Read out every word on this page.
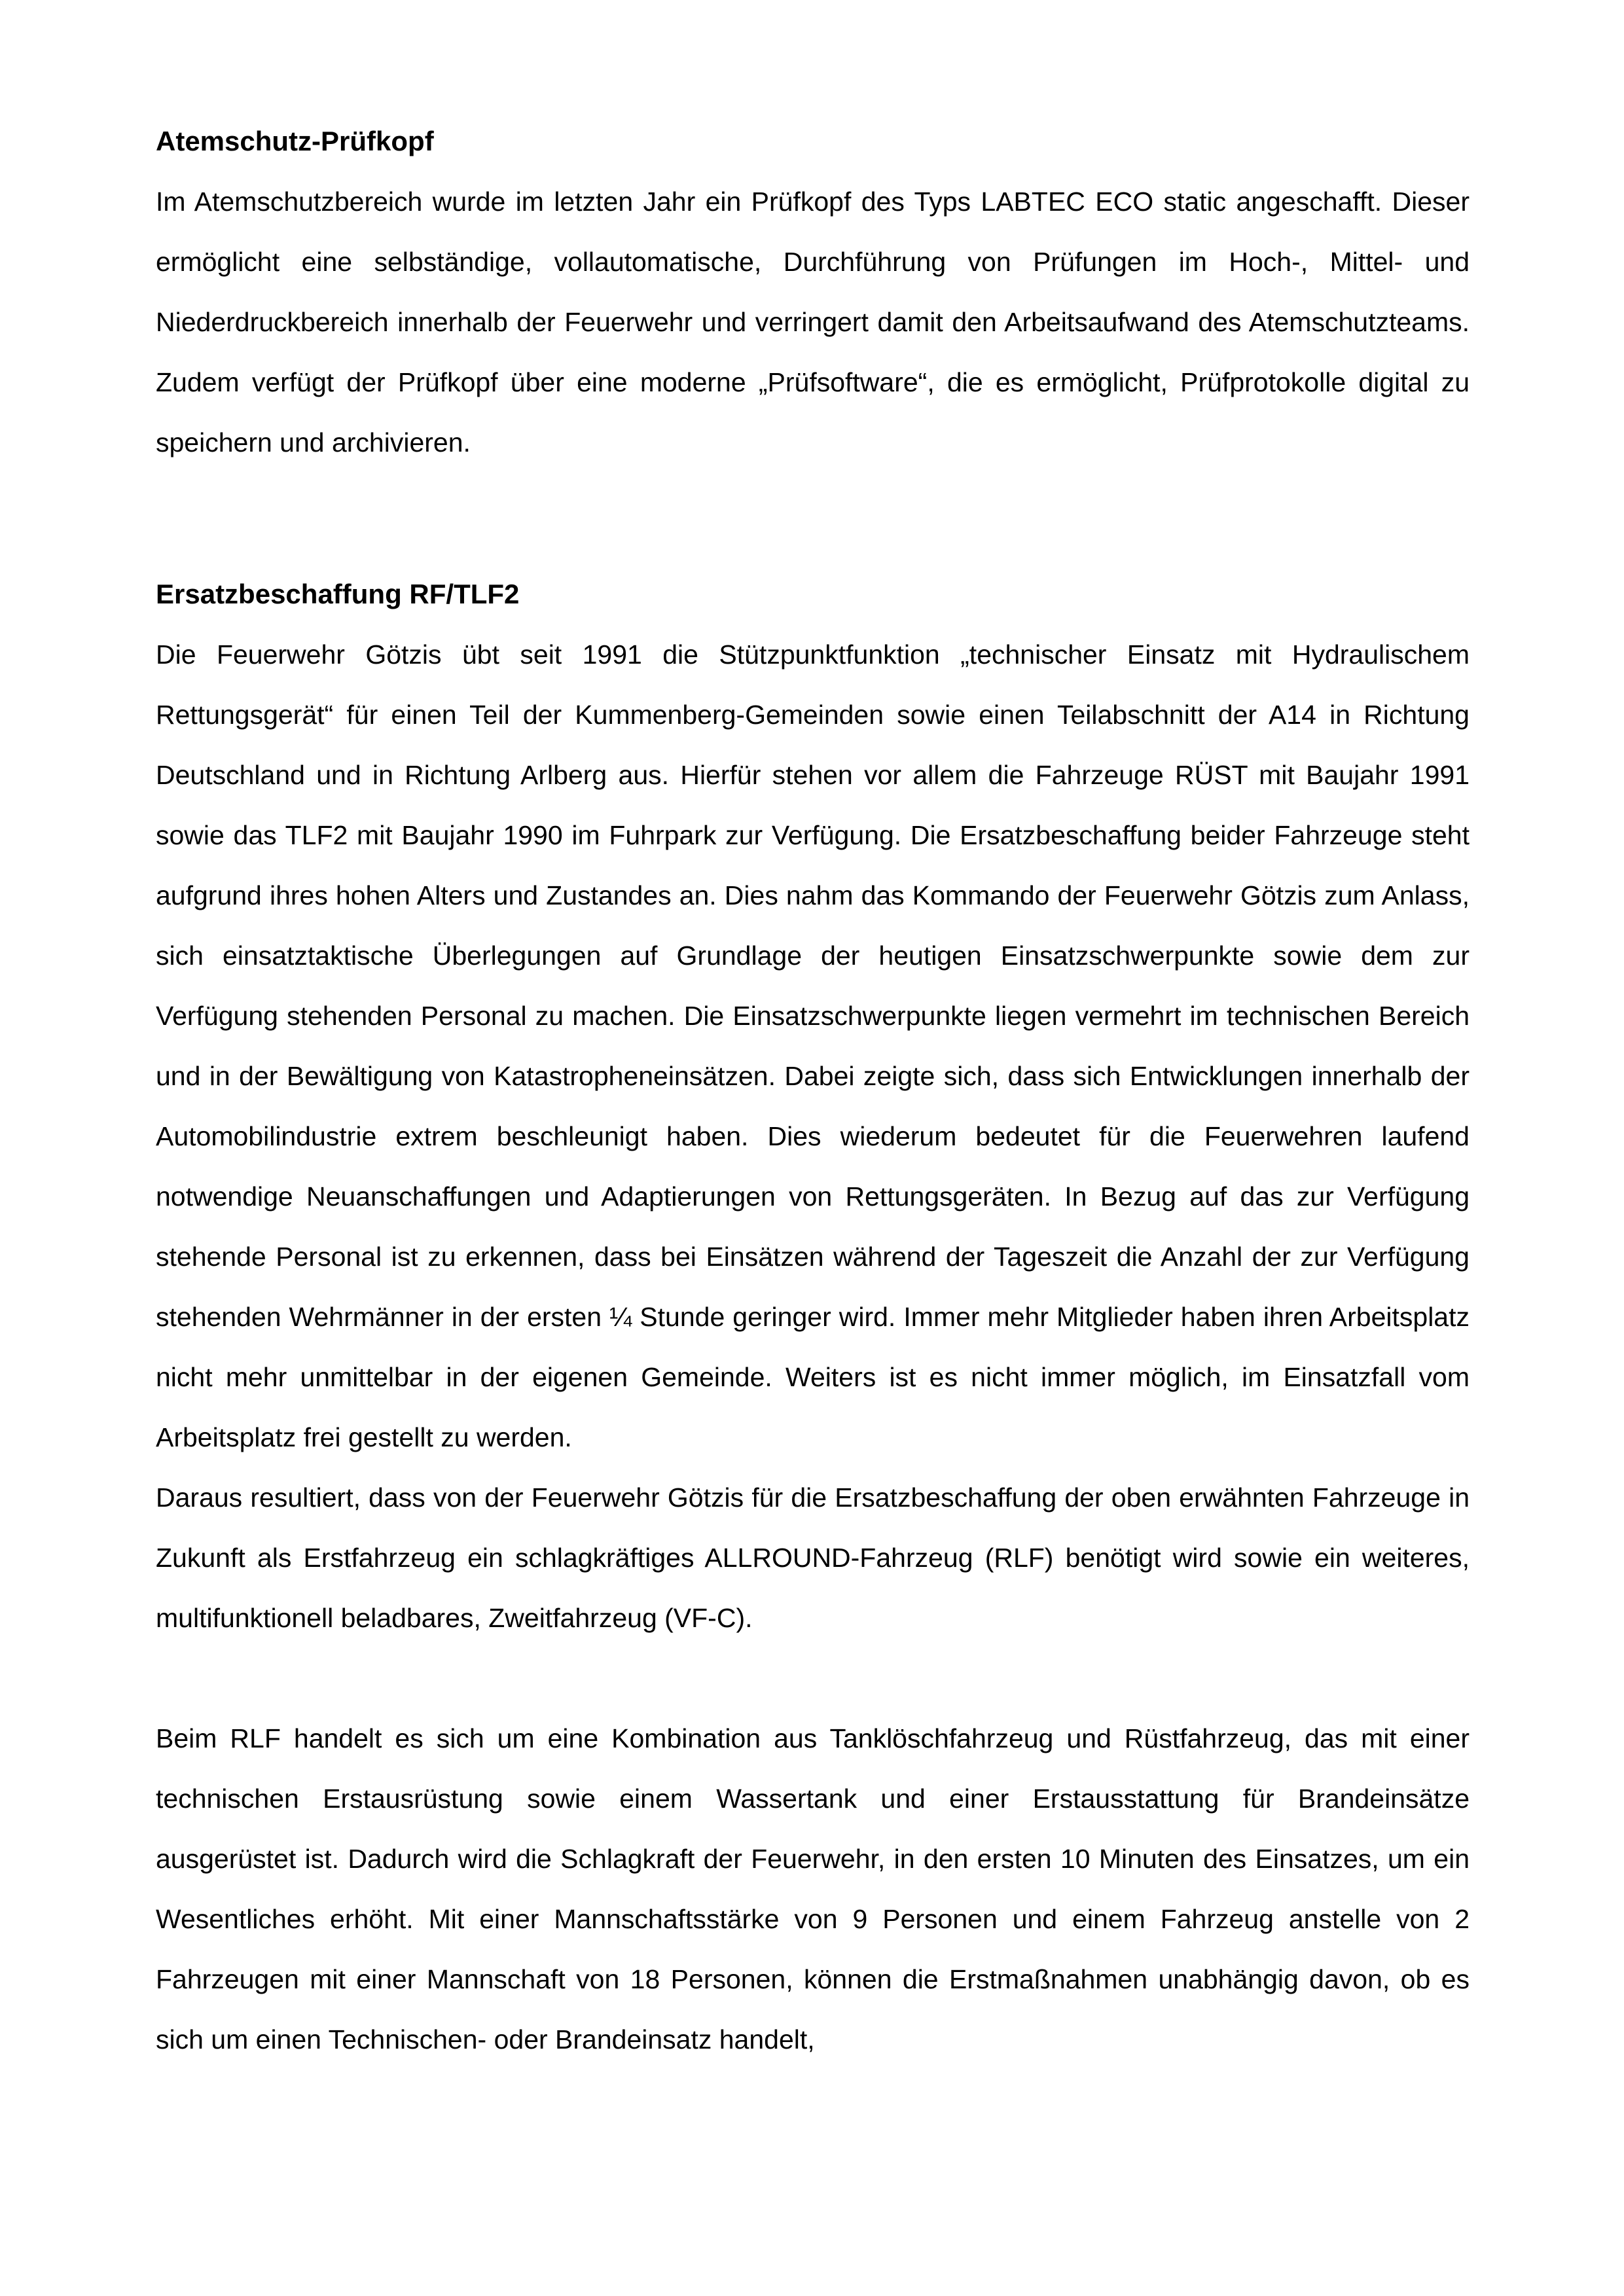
Atemschutz-Prüfkopf

Im Atemschutzbereich wurde im letzten Jahr ein Prüfkopf des Typs LABTEC ECO static angeschafft. Dieser ermöglicht eine selbständige, vollautomatische, Durchführung von Prüfungen im Hoch-, Mittel- und Niederdruckbereich innerhalb der Feuerwehr und verringert damit den Arbeitsaufwand des Atemschutzteams. Zudem verfügt der Prüfkopf über eine moderne „Prüfsoftware“, die es ermöglicht, Prüfprotokolle digital zu speichern und archivieren.

Ersatzbeschaffung RF/TLF2

Die Feuerwehr Götzis übt seit 1991 die Stützpunktfunktion „technischer Einsatz mit Hydraulischem Rettungsgerät“ für einen Teil der Kummenberg-Gemeinden sowie einen Teilabschnitt der A14 in Richtung Deutschland und in Richtung Arlberg aus. Hierfür stehen vor allem die Fahrzeuge RÜST mit Baujahr 1991 sowie das TLF2 mit Baujahr 1990 im Fuhrpark zur Verfügung. Die Ersatzbeschaffung beider Fahrzeuge steht aufgrund ihres hohen Alters und Zustandes an. Dies nahm das Kommando der Feuerwehr Götzis zum Anlass, sich einsatztaktische Überlegungen auf Grundlage der heutigen Einsatzschwerpunkte sowie dem zur Verfügung stehenden Personal zu machen. Die Einsatzschwerpunkte liegen vermehrt im technischen Bereich und in der Bewältigung von Katastropheneinsätzen. Dabei zeigte sich, dass sich Entwicklungen innerhalb der Automobilindustrie extrem beschleunigt haben. Dies wiederum bedeutet für die Feuerwehren laufend notwendige Neuanschaffungen und Adaptierungen von Rettungsgeräten. In Bezug auf das zur Verfügung stehende Personal ist zu erkennen, dass bei Einsätzen während der Tageszeit die Anzahl der zur Verfügung stehenden Wehrmänner in der ersten ¼ Stunde geringer wird. Immer mehr Mitglieder haben ihren Arbeitsplatz nicht mehr unmittelbar in der eigenen Gemeinde. Weiters ist es nicht immer möglich, im Einsatzfall vom Arbeitsplatz frei gestellt zu werden.

Daraus resultiert, dass von der Feuerwehr Götzis für die Ersatzbeschaffung der oben erwähnten Fahrzeuge in Zukunft als Erstfahrzeug ein schlagkräftiges ALLROUND-Fahrzeug (RLF) benötigt wird sowie ein weiteres, multifunktionell beladbares, Zweitfahrzeug (VF-C).

Beim RLF handelt es sich um eine Kombination aus Tanklöschfahrzeug und Rüstfahrzeug, das mit einer technischen Erstausrüstung sowie einem Wassertank und einer Erstausstattung für Brandeinsätze ausgerüstet ist. Dadurch wird die Schlagkraft der Feuerwehr, in den ersten 10 Minuten des Einsatzes, um ein Wesentliches erhöht. Mit einer Mannschaftsstärke von 9 Personen und einem Fahrzeug anstelle von 2 Fahrzeugen mit einer Mannschaft von 18 Personen, können die Erstmaßnahmen unabhängig davon, ob es sich um einen Technischen- oder Brandeinsatz handelt,
